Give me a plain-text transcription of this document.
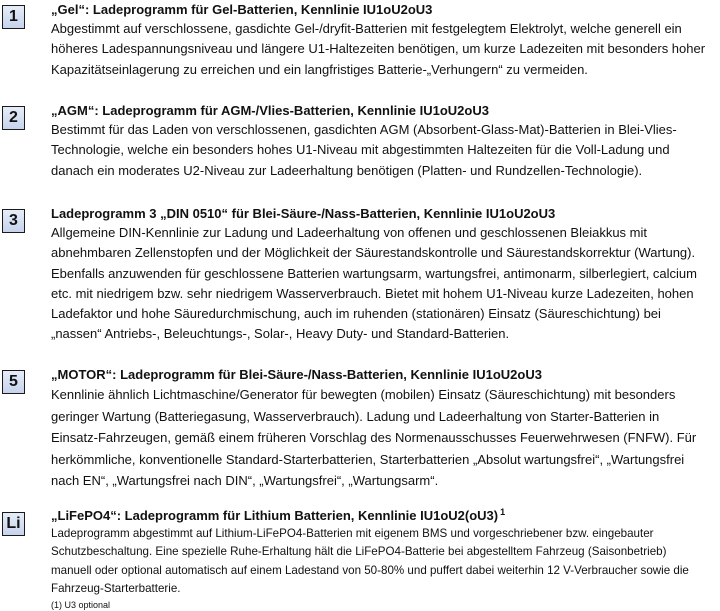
1	„Gel“: Ladeprogramm für Gel-Batterien, Kennlinie IU1oU2oU3

Abgestimmt auf verschlossene, gasdichte Gel-/dryfit-Batterien mit festgelegtem Elektrolyt, welche generell ein
höheres Ladespannungsniveau und längere U1-Haltezeiten benötigen, um kurze Ladezeiten mit besonders hoher
Kapazitätseinlagerung zu erreichen und ein langfristiges Batterie-„Verhungern“ zu vermeiden.

2	„AGM“: Ladeprogramm für AGM-/Vlies-Batterien, Kennlinie IU1oU2oU3

Bestimmt für das Laden von verschlossenen, gasdichten AGM (Absorbent-Glass-Mat)-Batterien in Blei-Vlies-
Technologie, welche ein besonders hohes U1-Niveau mit abgestimmten Haltezeiten für die Voll-Ladung und
danach ein moderates U2-Niveau zur Ladeerhaltung benötigen (Platten- und Rundzellen-Technologie).

3	Ladeprogramm 3 „DIN 0510“ für Blei-Säure-/Nass-Batterien, Kennlinie IU1oU2oU3

Allgemeine DIN-Kennlinie zur Ladung und Ladeerhaltung von offenen und geschlossenen Bleiakkus mit
abnehmbaren Zellenstopfen und der Möglichkeit der Säurestandskontrolle und Säurestandskorrektur (Wartung).
Ebenfalls anzuwenden für geschlossene Batterien wartungsarm, wartungsfrei, antimonarm, silberlegiert, calcium
etc. mit niedrigem bzw. sehr niedrigem Wasserverbrauch. Bietet mit hohem U1-Niveau kurze Ladezeiten, hohen
Ladefaktor und hohe Säuredurchmischung, auch im ruhenden (stationären) Einsatz (Säureschichtung) bei
„nassen“ Antriebs-, Beleuchtungs-, Solar-, Heavy Duty- und Standard-Batterien.

5	„MOTOR“: Ladeprogramm für Blei-Säure-/Nass-Batterien, Kennlinie IU1oU2oU3

Kennlinie ähnlich Lichtmaschine/Generator für bewegten (mobilen) Einsatz (Säureschichtung) mit besonders
geringer Wartung (Batteriegasung, Wasserverbrauch). Ladung und Ladeerhaltung von Starter-Batterien in
Einsatz-Fahrzeugen, gemäß einem früheren Vorschlag des Normenausschusses Feuerwehrwesen (FNFW). Für
herkömmliche, konventionelle Standard-Starterbatterien, Starterbatterien „Absolut wartungsfrei“, „Wartungsfrei
nach EN“, „Wartungsfrei nach DIN“, „Wartungsfrei“, „Wartungsarm“.

Li	„LiFePO4“: Ladeprogramm für Lithium Batterien, Kennlinie IU1oU2(oU3) $^1$

Ladeprogramm abgestimmt auf Lithium-LiFePO4-Batterien mit eigenem BMS und vorgeschriebener bzw. eingebauter
Schutzbeschaltung. Eine spezielle Ruhe-Erhaltung hält die LiFePO4-Batterie bei abgestelltem Fahrzeug (Saisonbetrieb)
manuell oder optional automatisch auf einem Ladestand von 50-80% und puffert dabei weiterhin 12 V-Verbraucher sowie die
Fahrzeug-Starterbatterie.

(1) U3 optional
